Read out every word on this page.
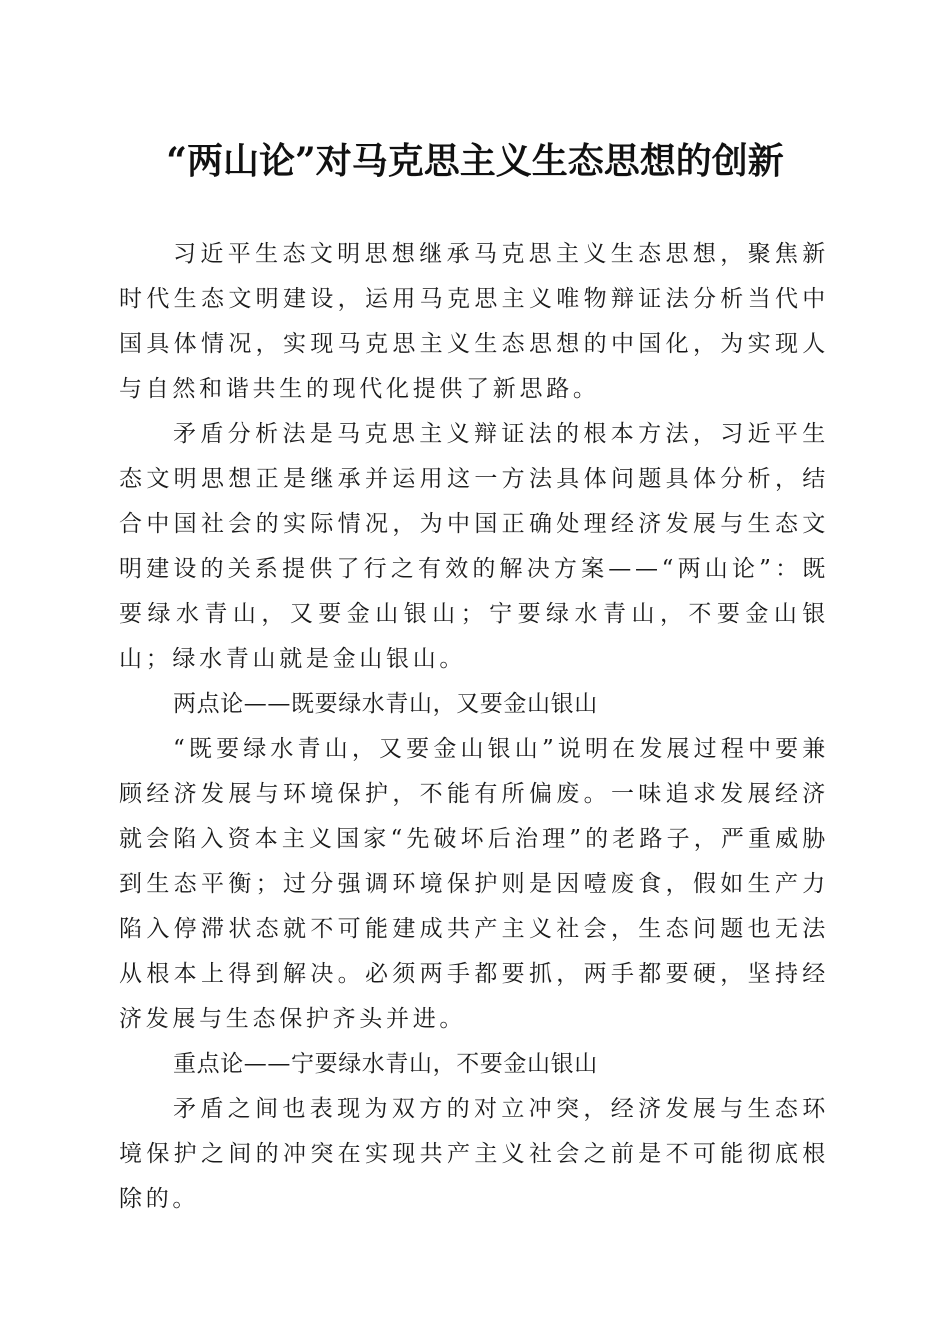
“两山论”对马克思主义生态思想的创新

习近平生态文明思想继承马克思主义生态思想，聚焦新时代生态文明建设，运用马克思主义唯物辩证法分析当代中国具体情况，实现马克思主义生态思想的中国化，为实现人与自然和谐共生的现代化提供了新思路。

矛盾分析法是马克思主义辩证法的根本方法，习近平生态文明思想正是继承并运用这一方法具体问题具体分析，结合中国社会的实际情况，为中国正确处理经济发展与生态文明建设的关系提供了行之有效的解决方案——“两山论”：既要绿水青山，又要金山银山；宁要绿水青山，不要金山银山；绿水青山就是金山银山。

两点论——既要绿水青山，又要金山银山

“既要绿水青山，又要金山银山”说明在发展过程中要兼顾经济发展与环境保护，不能有所偏废。一味追求发展经济就会陷入资本主义国家“先破坏后治理”的老路子，严重威胁到生态平衡；过分强调环境保护则是因噎废食，假如生产力陷入停滞状态就不可能建成共产主义社会，生态问题也无法从根本上得到解决。必须两手都要抓，两手都要硬，坚持经济发展与生态保护齐头并进。

重点论——宁要绿水青山，不要金山银山

矛盾之间也表现为双方的对立冲突，经济发展与生态环境保护之间的冲突在实现共产主义社会之前是不可能彻底根除的。
